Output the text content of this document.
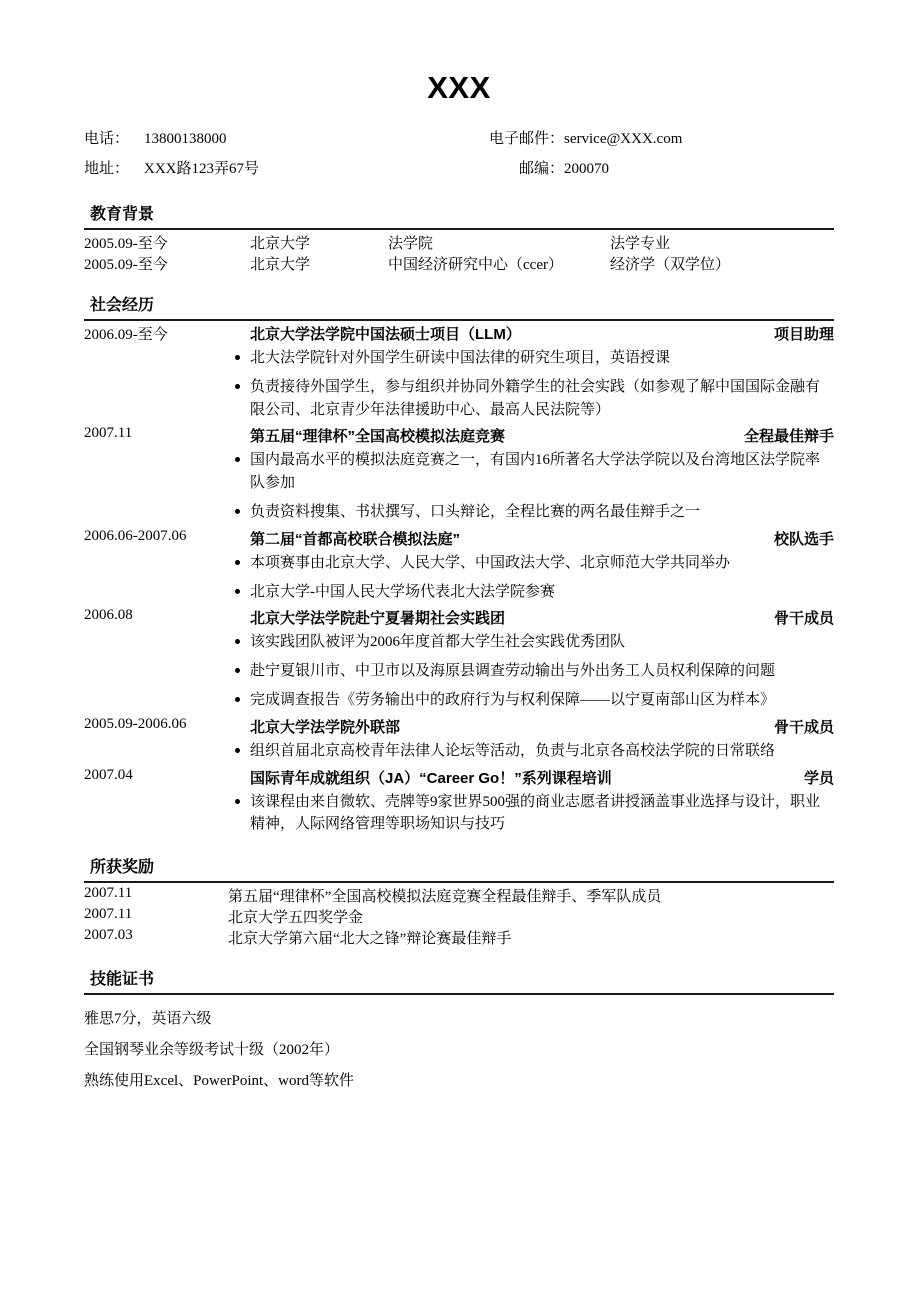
XXX
电话：	13800138000	电子邮件：	service@XXX.com
地址：	XXX路123弄67号	邮编：	200070
教育背景
2005.09-至今	北京大学	法学院	法学专业
2005.09-至今	北京大学	中国经济研究中心（ccer）	经济学（双学位）
社会经历
2006.09-至今	北京大学法学院中国法硕士项目（LLM）	项目助理
北大法学院针对外国学生研读中国法律的研究生项目，英语授课
负责接待外国学生，参与组织并协同外籍学生的社会实践（如参观了解中国国际金融有限公司、北京青少年法律援助中心、最高人民法院等）
2007.11	第五届“理律杯”全国高校模拟法庭竞赛	全程最佳辩手
国内最高水平的模拟法庭竞赛之一，有国内16所著名大学法学院以及台湾地区法学院率队参加
负责资料搜集、书状撰写、口头辩论，全程比赛的两名最佳辩手之一
2006.06-2007.06	第二届“首都高校联合模拟法庭”	校队选手
本项赛事由北京大学、人民大学、中国政法大学、北京师范大学共同举办
北京大学-中国人民大学场代表北大法学院参赛
2006.08	北京大学法学院赴宁夏暑期社会实践团	骨干成员
该实践团队被评为2006年度首都大学生社会实践优秀团队
赴宁夏银川市、中卫市以及海原县调查劳动输出与外出务工人员权利保障的问题
完成调查报告《劳务输出中的政府行为与权利保障——以宁夏南部山区为样本》
2005.09-2006.06	北京大学法学院外联部	骨干成员
组织首届北京高校青年法律人论坛等活动，负责与北京各高校法学院的日常联络
2007.04	国际青年成就组织（JA）“Career Go！”系列课程培训	学员
该课程由来自微软、壳牌等9家世界500强的商业志愿者讲授涵盖事业选择与设计，职业精神，人际网络管理等职场知识与技巧
所获奖励
2007.11	第五届“理律杯”全国高校模拟法庭竞赛全程最佳辩手、季军队成员
2007.11	北京大学五四奖学金
2007.03	北京大学第六届“北大之锋”辩论赛最佳辩手
技能证书
雅思7分，英语六级
全国钢琴业余等级考试十级（2002年）
熟练使用Excel、PowerPoint、word等软件
